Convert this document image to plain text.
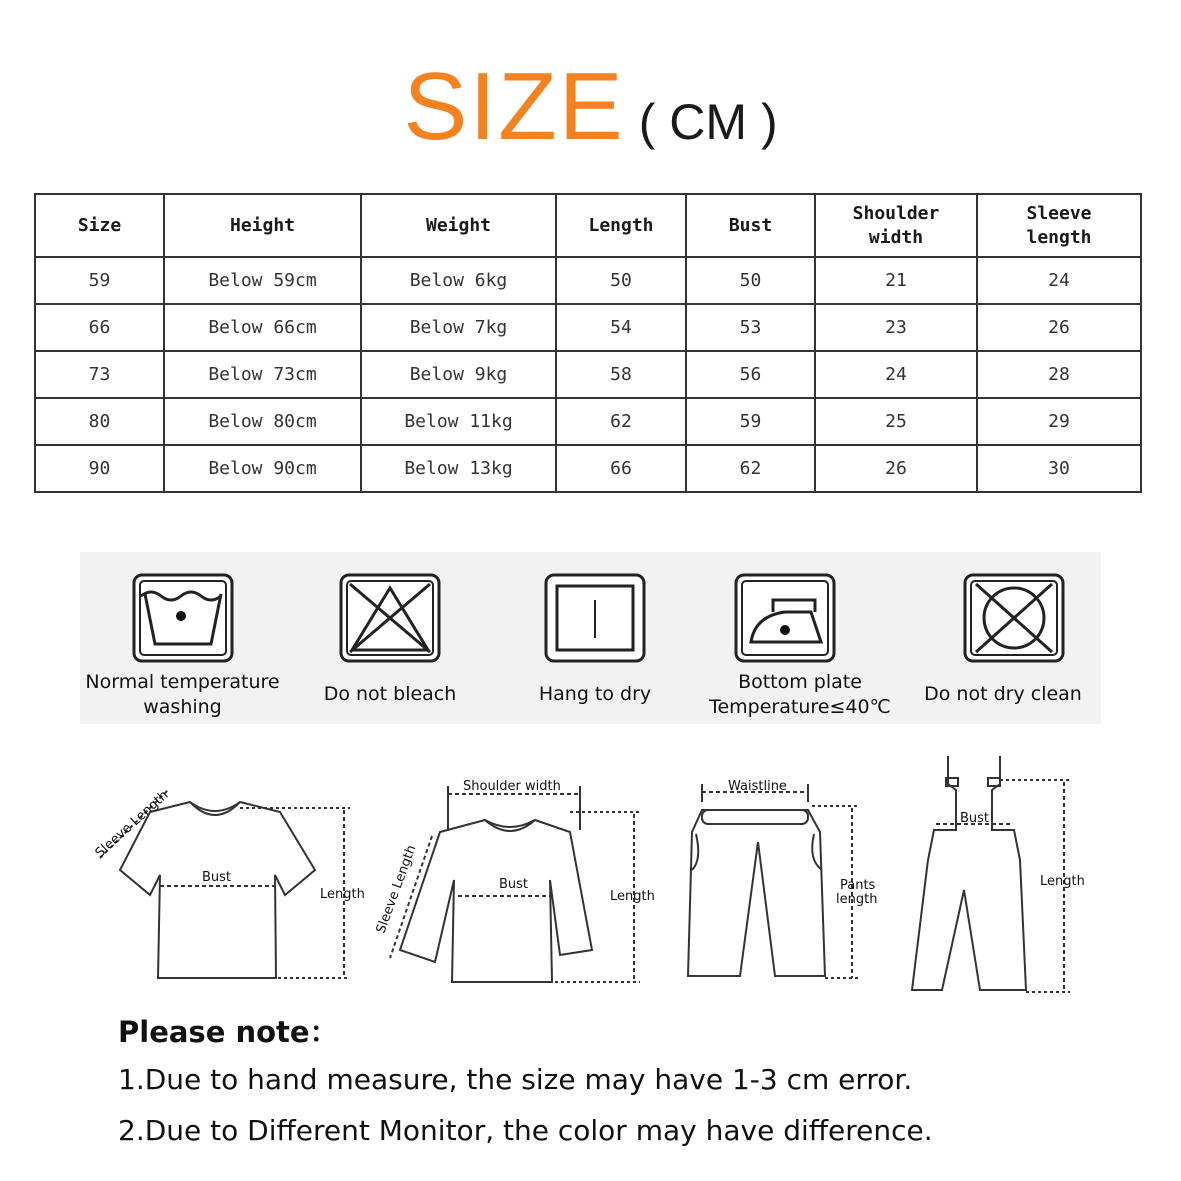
SIZE ( CM )
Size	Height	Weight	Length	Bust	Shoulder width	Sleeve length
59	Below 59cm	Below 6kg	50	50	21	24
66	Below 66cm	Below 7kg	54	53	23	26
73	Below 73cm	Below 9kg	58	56	24	28
80	Below 80cm	Below 11kg	62	59	25	29
90	Below 90cm	Below 13kg	66	62	26	30
Normal temperature
washing
Do not bleach	Hang to dry
Bottom plate
Temperature≤40℃
Do not dry clean
Sleeve Length
Bust
Length
Shoulder width
Sleeve Length	Bust
Length
Waistline
Pants
length
Bust
Length
Please note：
1.Due to hand measure, the size may have 1-3 cm error.
2.Due to Different Monitor, the color may have difference.
